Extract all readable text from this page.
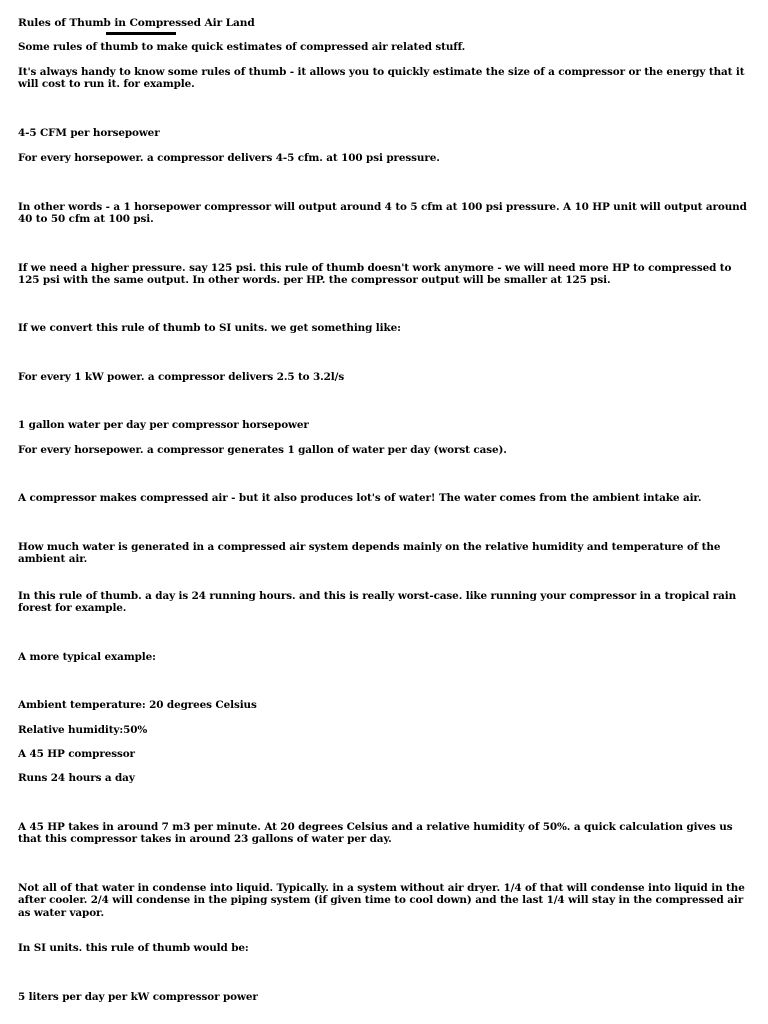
Rules of Thumb in Compressed Air Land

Some rules of thumb to make quick estimates of compressed air related stuff.

It's always handy to know some rules of thumb - it allows you to quickly estimate the size of a compressor or the energy that it will cost to run it. for example.

4-5 CFM per horsepower

For every horsepower. a compressor delivers 4-5 cfm. at 100 psi pressure.

In other words - a 1 horsepower compressor will output around 4 to 5 cfm at 100 psi pressure. A 10 HP unit will output around 40 to 50 cfm at 100 psi.

If we need a higher pressure. say 125 psi. this rule of thumb doesn't work anymore - we will need more HP to compressed to 125 psi with the same output. In other words. per HP. the compressor output will be smaller at 125 psi.

If we convert this rule of thumb to SI units. we get something like:

For every 1 kW power. a compressor delivers 2.5 to 3.2l/s

1 gallon water per day per compressor horsepower

For every horsepower. a compressor generates 1 gallon of water per day (worst case).

A compressor makes compressed air - but it also produces lot's of water! The water comes from the ambient intake air.

How much water is generated in a compressed air system depends mainly on the relative humidity and temperature of the ambient air.

In this rule of thumb. a day is 24 running hours. and this is really worst-case. like running your compressor in a tropical rain forest for example.

A more typical example:

Ambient temperature: 20 degrees Celsius

Relative humidity:50%

A 45 HP compressor

Runs 24 hours a day

A 45 HP takes in around 7 m3 per minute. At 20 degrees Celsius and a relative humidity of 50%. a quick calculation gives us that this compressor takes in around 23 gallons of water per day.

Not all of that water in condense into liquid. Typically. in a system without air dryer. 1/4 of that will condense into liquid in the after cooler. 2/4 will condense in the piping system (if given time to cool down) and the last 1/4 will stay in the compressed air as water vapor.

In SI units. this rule of thumb would be:

5 liters per day per kW compressor power
